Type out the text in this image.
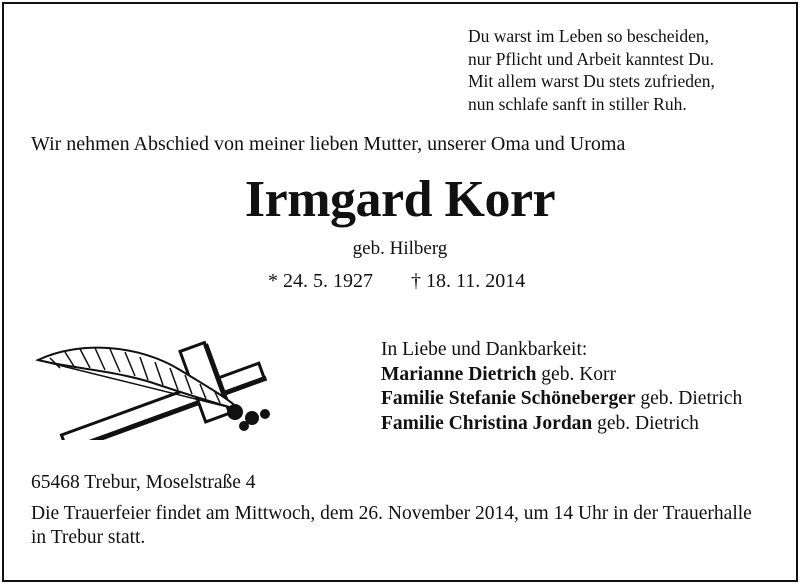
Du warst im Leben so bescheiden,
nur Pflicht und Arbeit kanntest Du.
Mit allem warst Du stets zufrieden,
nun schlafe sanft in stiller Ruh.
Wir nehmen Abschied von meiner lieben Mutter, unserer Oma und Uroma
Irmgard Korr
geb. Hilberg
* 24. 5. 1927 † 18. 11. 2014
In Liebe und Dankbarkeit:
Marianne Dietrich geb. Korr
Familie Stefanie Schöneberger geb. Dietrich
Familie Christina Jordan geb. Dietrich
65468 Trebur, Moselstraße 4
Die Trauerfeier findet am Mittwoch, dem 26. November 2014, um 14 Uhr in der Trauerhalle in Trebur statt.
